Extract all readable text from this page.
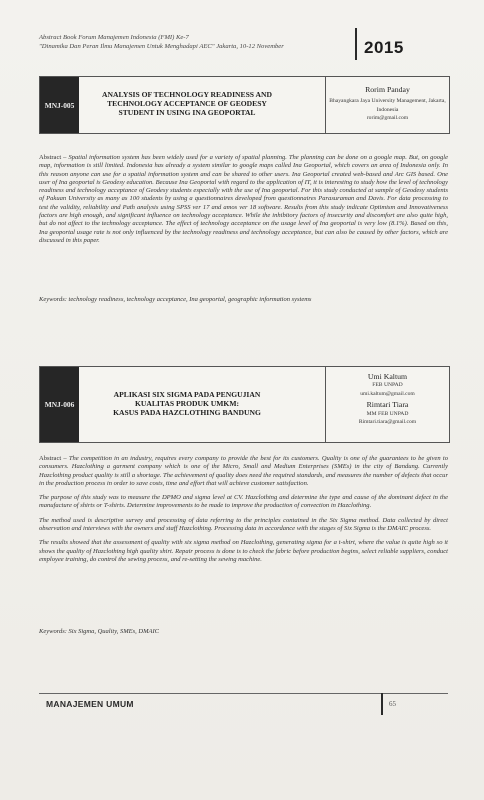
Abstract Book Forum Manajemen Indonesia (FMI) Ke-7
"Dinamika Dan Peran Ilmu Manajemen Untuk Menghadapi AEC" Jakarta, 10-12 November	2015
MNJ-005
ANALYSIS OF TECHNOLOGY READINESS AND
TECHNOLOGY ACCEPTANCE OF GEODESY
STUDENT IN USING INA GEOPORTAL
Rorim Panday
Bhayangkara Jaya University Management, Jakarta, Indonesia
rorim@gmail.com

Abstract – Spatial information system has been widely used for a variety of spatial planning. The planning can be done on a google map. But, on google map, information is still limited. Indonesia has already a system similar to google maps called Ina Geoportal, which covers an area of Indonesia only. In this reason anyone can use for a spatial information system and can be shared to other users. Ina Geoportal created web-based and Arc GIS based. One user of Ina geoportal is Geodesy education. Because Ina Geoportal with regard to the application of IT, it is interesting to study how the level of technology readiness and technology acceptance of Geodesy students especially with the use of Ina geoportal. For this study conducted at sample of Geodesy students of Pakuan University as many as 100 students by using a questionnaires developed from questionnaires Parasuraman and Davis. For data processing to test the validity, reliability and Path analysis using SPSS ver 17 and amos ver 18 software. Results from this study indicate Optimism and Innovativeness factors are high enough, and significant influence on technology acceptance. While the inhibitory factors of insecurity and discomfort are also quite high, but do not affect to the technology acceptance. The effect of technology acceptance on the usage level of Ina geoportal is very low (8.1%). Based on this, Ina geoportal usage rate is not only influenced by the technology readiness and technology acceptance, but can also be caused by other factors, which are discussed in this paper.

Keywords: technology readiness, technology acceptance, Ina geoportal, geographic information systems
MNJ-006
APLIKASI SIX SIGMA PADA PENGUJIAN
KUALITAS PRODUK UMKM:
KASUS PADA HAZCLOTHING BANDUNG
Umi Kaltum
FEB UNPAD
umi.kaltum@gmail.com
Rimtari Tiara
MM FEB UNPAD
Rimtari.tiara@gmail.com

Abstract – The competition in an industry, requires every company to provide the best for its customers. Quality is one of the guarantees to be given to consumers. Hazclothing a garment company which is one of the Micro, Small and Medium Enterprises (SMEs) in the city of Bandung. Currently Hazclothing product quality is still a shortage. The achievement of quality does need the required standards, and measures the number of defects that occur in the production process in order to save costs, time and effort that will achieve customer satisfaction.

The purpose of this study was to measure the DPMO and sigma level at CV. Hazclothing and determine the type and cause of the dominant defect in the manufacture of shirts or T-shirts. Determine improvements to be made to improve the production of convection in Hazclothing.

The method used is descriptive survey and processing of data referring to the principles contained in the Six Sigma method. Data collected by direct observation and interviews with the owners and staff Hazclothing. Processing data in accordance with the stages of Six Sigma is the DMAIC process.

The results showed that the assessment of quality with six sigma method on Hazclothing, generating sigma for a t-shirt, where the value is quite high so it shows the quality of Hazclothing high quality shirt. Repair process is done is to check the fabric before production begins, select reliable suppliers, conduct employee training, do control the sewing process, and re-setting the sewing machine.

Keywords: Six Sigma, Quality, SMEs, DMAIC
MANAJEMEN UMUM	65
